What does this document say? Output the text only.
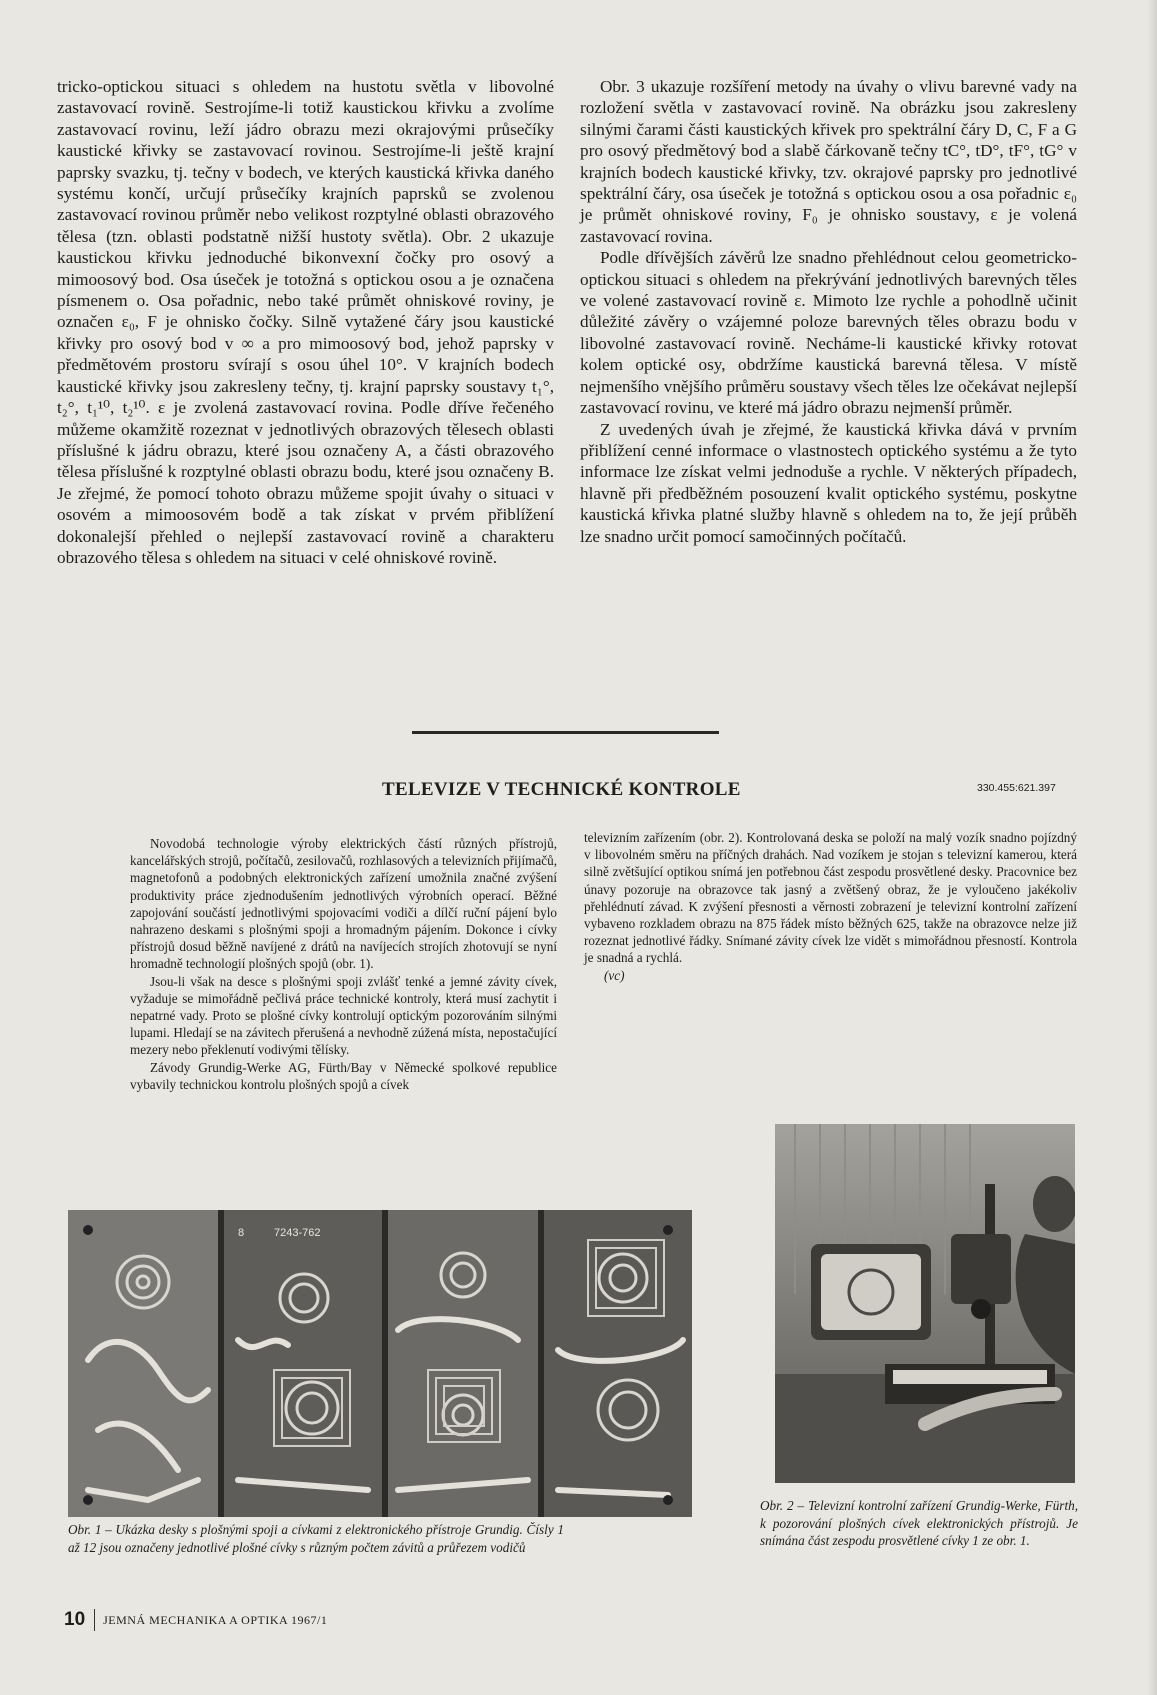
tricko-optickou situaci s ohledem na hustotu světla v libovolné zastavovací rovině. Sestrojíme-li totiž kaustickou křivku a zvolíme zastavovací rovinu, leží jádro obrazu mezi okrajovými průsečíky kaustické křivky se zastavovací rovinou. Sestrojíme-li ještě krajní paprsky svazku, tj. tečny v bodech, ve kterých kaustická křivka daného systému končí, určují průsečíky krajních paprsků se zvolenou zastavovací rovinou průměr nebo velikost rozptylné oblasti obrazového tělesa (tzn. oblasti podstatně nižší hustoty světla). Obr. 2 ukazuje kaustickou křivku jednoduché bikonvexní čočky pro osový a mimoosový bod. Osa úseček je totožná s optickou osou a je označena písmenem o. Osa pořadnic, nebo také průmět ohniskové roviny, je označen ε₀, F je ohnisko čočky. Silně vytažené čáry jsou kaustické křivky pro osový bod v ∞ a pro mimoosový bod, jehož paprsky v předmětovém prostoru svírají s osou úhel 10°. V krajních bodech kaustické křivky jsou zakresleny tečny, tj. krajní paprsky soustavy t₁°, t₂°, t₁¹⁰, t₂¹⁰. ε je zvolená zastavovací rovina. Podle dříve řečeného můžeme okamžitě rozeznat v jednotlivých obrazových tělesech oblasti příslušné k jádru obrazu, které jsou označeny A, a části obrazového tělesa příslušné k rozptylné oblasti obrazu bodu, které jsou označeny B. Je zřejmé, že pomocí tohoto obrazu můžeme spojit úvahy o situaci v osovém a mimoosovém bodě a tak získat v prvém přiblížení dokonalejší přehled o nejlepší zastavovací rovině a charakteru obrazového tělesa s ohledem na situaci v celé ohniskové rovině.

Obr. 3 ukazuje rozšíření metody na úvahy o vlivu barevné vady na rozložení světla v zastavovací rovině. Na obrázku jsou zakresleny silnými čarami části kaustických křivek pro spektrální čáry D, C, F a G pro osový předmětový bod a slabě čárkovaně tečny tC°, tD°, tF°, tG° v krajních bodech kaustické křivky, tzv. okrajové paprsky pro jednotlivé spektrální čáry, osa úseček je totožná s optickou osou a osa pořadnic ε₀ je průmět ohniskové roviny, F₀ je ohnisko soustavy, ε je volená zastavovací rovina.

Podle dřívějších závěrů lze snadno přehlédnout celou geometricko-optickou situaci s ohledem na překrývání jednotlivých barevných těles ve volené zastavovací rovině ε. Mimoto lze rychle a pohodlně učinit důležité závěry o vzájemné poloze barevných těles obrazu bodu v libovolné zastavovací rovině. Necháme-li kaustické křivky rotovat kolem optické osy, obdržíme kaustická barevná tělesa. V místě nejmenšího vnějšího průměru soustavy všech těles lze očekávat nejlepší zastavovací rovinu, ve které má jádro obrazu nejmenší průměr.

Z uvedených úvah je zřejmé, že kaustická křivka dává v prvním přiblížení cenné informace o vlastnostech optického systému a že tyto informace lze získat velmi jednoduše a rychle. V některých případech, hlavně při předběžném posouzení kvalit optického systému, poskytne kaustická křivka platné služby hlavně s ohledem na to, že její průběh lze snadno určit pomocí samočinných počítačů.

TELEVIZE V TECHNICKÉ KONTROLE	330.455:621.397

Novodobá technologie výroby elektrických částí různých přístrojů, kancelářských strojů, počítačů, zesilovačů, rozhlasových a televizních přijímačů, magnetofonů a podobných elektronických zařízení umožnila značné zvýšení produktivity práce zjednodušením jednotlivých výrobních operací. Běžné zapojování součástí jednotlivými spojovacími vodiči a dílčí ruční pájení bylo nahrazeno deskami s plošnými spoji a hromadným pájením. Dokonce i cívky přístrojů dosud běžně navíjené z drátů na navíjecích strojích zhotovují se nyní hromadně technologií plošných spojů (obr. 1).

Jsou-li však na desce s plošnými spoji zvlášť tenké a jemné závity cívek, vyžaduje se mimořádně pečlivá práce technické kontroly, která musí zachytit i nepatrné vady. Proto se plošné cívky kontrolují optickým pozorováním silnými lupami. Hledají se na závitech přerušená a nevhodně zúžená místa, nepostačující mezery nebo překlenutí vodivými tělísky.

Závody Grundig-Werke AG, Fürth/Bay v Německé spolkové republice vybavily technickou kontrolu plošných spojů a cívek

televizním zařízením (obr. 2). Kontrolovaná deska se položí na malý vozík snadno pojízdný v libovolném směru na příčných drahách. Nad vozíkem je stojan s televizní kamerou, která silně zvětšující optikou snímá jen potřebnou část zespodu prosvětlené desky. Pracovnice bez únavy pozoruje na obrazovce tak jasný a zvětšený obraz, že je vyloučeno jakékoliv přehlédnutí závad. K zvýšení přesnosti a věrnosti zobrazení je televizní kontrolní zařízení vybaveno rozkladem obrazu na 875 řádek místo běžných 625, takže na obrazovce nelze již rozeznat jednotlivé řádky. Snímané závity cívek lze vidět s mimořádnou přesností. Kontrola je snadná a rychlá.

(vc)

8	7243-762
Obr. 1 – Ukázka desky s plošnými spoji a cívkami z elektronického přístroje Grundig. Čísly 1 až 12 jsou označeny jednotlivé plošné cívky s různým počtem závitů a průřezem vodičů
Obr. 2 – Televizní kontrolní zařízení Grundig-Werke, Fürth, k pozorování plošných cívek elektronických přístrojů. Je snímána část zespodu prosvětlené cívky 1 ze obr. 1.
10 JEMNÁ MECHANIKA A OPTIKA 1967/1
